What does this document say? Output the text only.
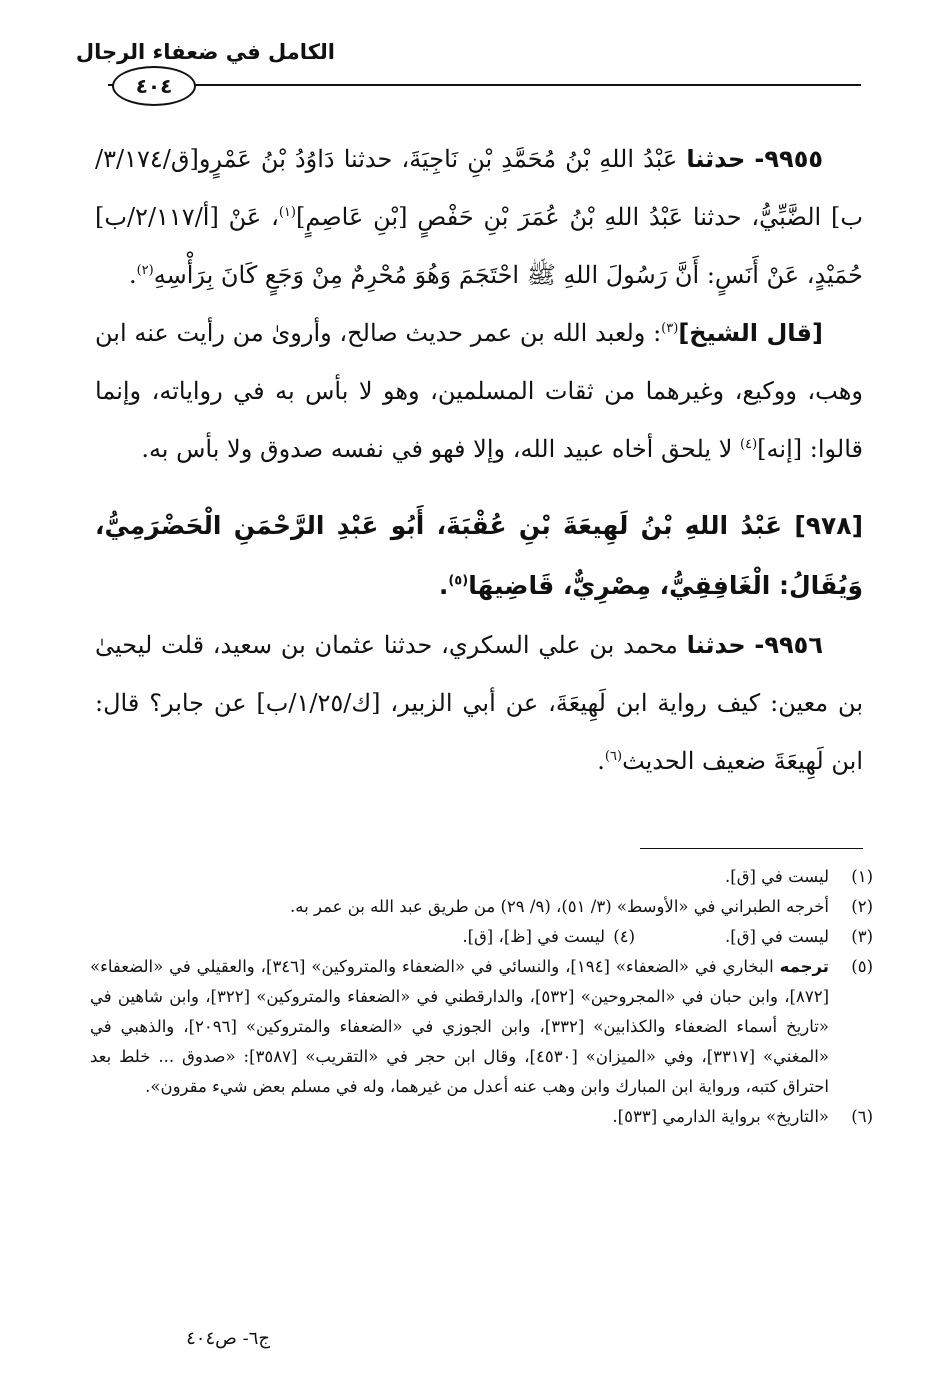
الكامل في ضعفاء الرجال
٤٠٤

٩٩٥٥- حدثنا عَبْدُ اللهِ بْنُ مُحَمَّدِ بْنِ نَاجِيَةَ، حدثنا دَاوُدُ بْنُ عَمْرٍو[ق/٣/١٧٤/ ب] الضَّبِّيُّ، حدثنا عَبْدُ اللهِ بْنُ عُمَرَ بْنِ حَفْصٍ [بْنِ عَاصِمٍ]$^{(١)}$، عَنْ [أ/٢/١١٧/ب] حُمَيْدٍ، عَنْ أَنَسٍ: أَنَّ رَسُولَ اللهِ ﷺ احْتَجَمَ وَهُوَ مُحْرِمٌ مِنْ وَجَعٍ كَانَ بِرَأْسِهِ$^{(٢)}$.

[قال الشيخ]$^{(٣)}$: ولعبد الله بن عمر حديث صالح، وأروىٰ من رأيت عنه ابن وهب، ووكيع، وغيرهما من ثقات المسلمين، وهو لا بأس به في رواياته، وإنما قالوا: [إنه]$^{(٤)}$ لا يلحق أخاه عبيد الله، وإلا فهو في نفسه صدوق ولا بأس به.

[٩٧٨] عَبْدُ اللهِ بْنُ لَهِيعَةَ بْنِ عُقْبَةَ، أَبُو عَبْدِ الرَّحْمَنِ الْحَضْرَمِيُّ، وَيُقَالُ: الْغَافِقِيُّ، مِصْرِيٌّ، قَاضِيهَا$^{(٥)}$.

٩٩٥٦- حدثنا محمد بن علي السكري، حدثنا عثمان بن سعيد، قلت ليحيىٰ بن معين: كيف رواية ابن لَهِيعَةَ، عن أبي الزبير، [ك/١/٢٥/ب] عن جابر؟ قال: ابن لَهِيعَةَ ضعيف الحديث$^{(٦)}$.

(١)
ليست في [ق].

(٢)
أخرجه الطبراني في «الأوسط» (٣/ ٥١)، (٩/ ٢٩) من طريق عبد الله بن عمر به.

(٣)
ليست في [ق].

(٤)
ليست في [ظ]، [ق].

(٥)
ترجمه البخاري في «الضعفاء» [١٩٤]، والنسائي في «الضعفاء والمتروكين» [٣٤٦]، والعقيلي في «الضعفاء» [٨٧٢]، وابن حبان في «المجروحين» [٥٣٢]، والدارقطني في «الضعفاء والمتروكين» [٣٢٢]، وابن شاهين في «تاريخ أسماء الضعفاء والكذابين» [٣٣٢]، وابن الجوزي في «الضعفاء والمتروكين» [٢٠٩٦]، والذهبي في «المغني» [٣٣١٧]، وفي «الميزان» [٤٥٣٠]، وقال ابن حجر في «التقريب» [٣٥٨٧]: «صدوق ... خلط بعد احتراق كتبه، ورواية ابن المبارك وابن وهب عنه أعدل من غيرهما، وله في مسلم بعض شيء مقرون».

(٦)
«التاريخ» برواية الدارمي [٥٣٣].

ج٦- ص٤٠٤
